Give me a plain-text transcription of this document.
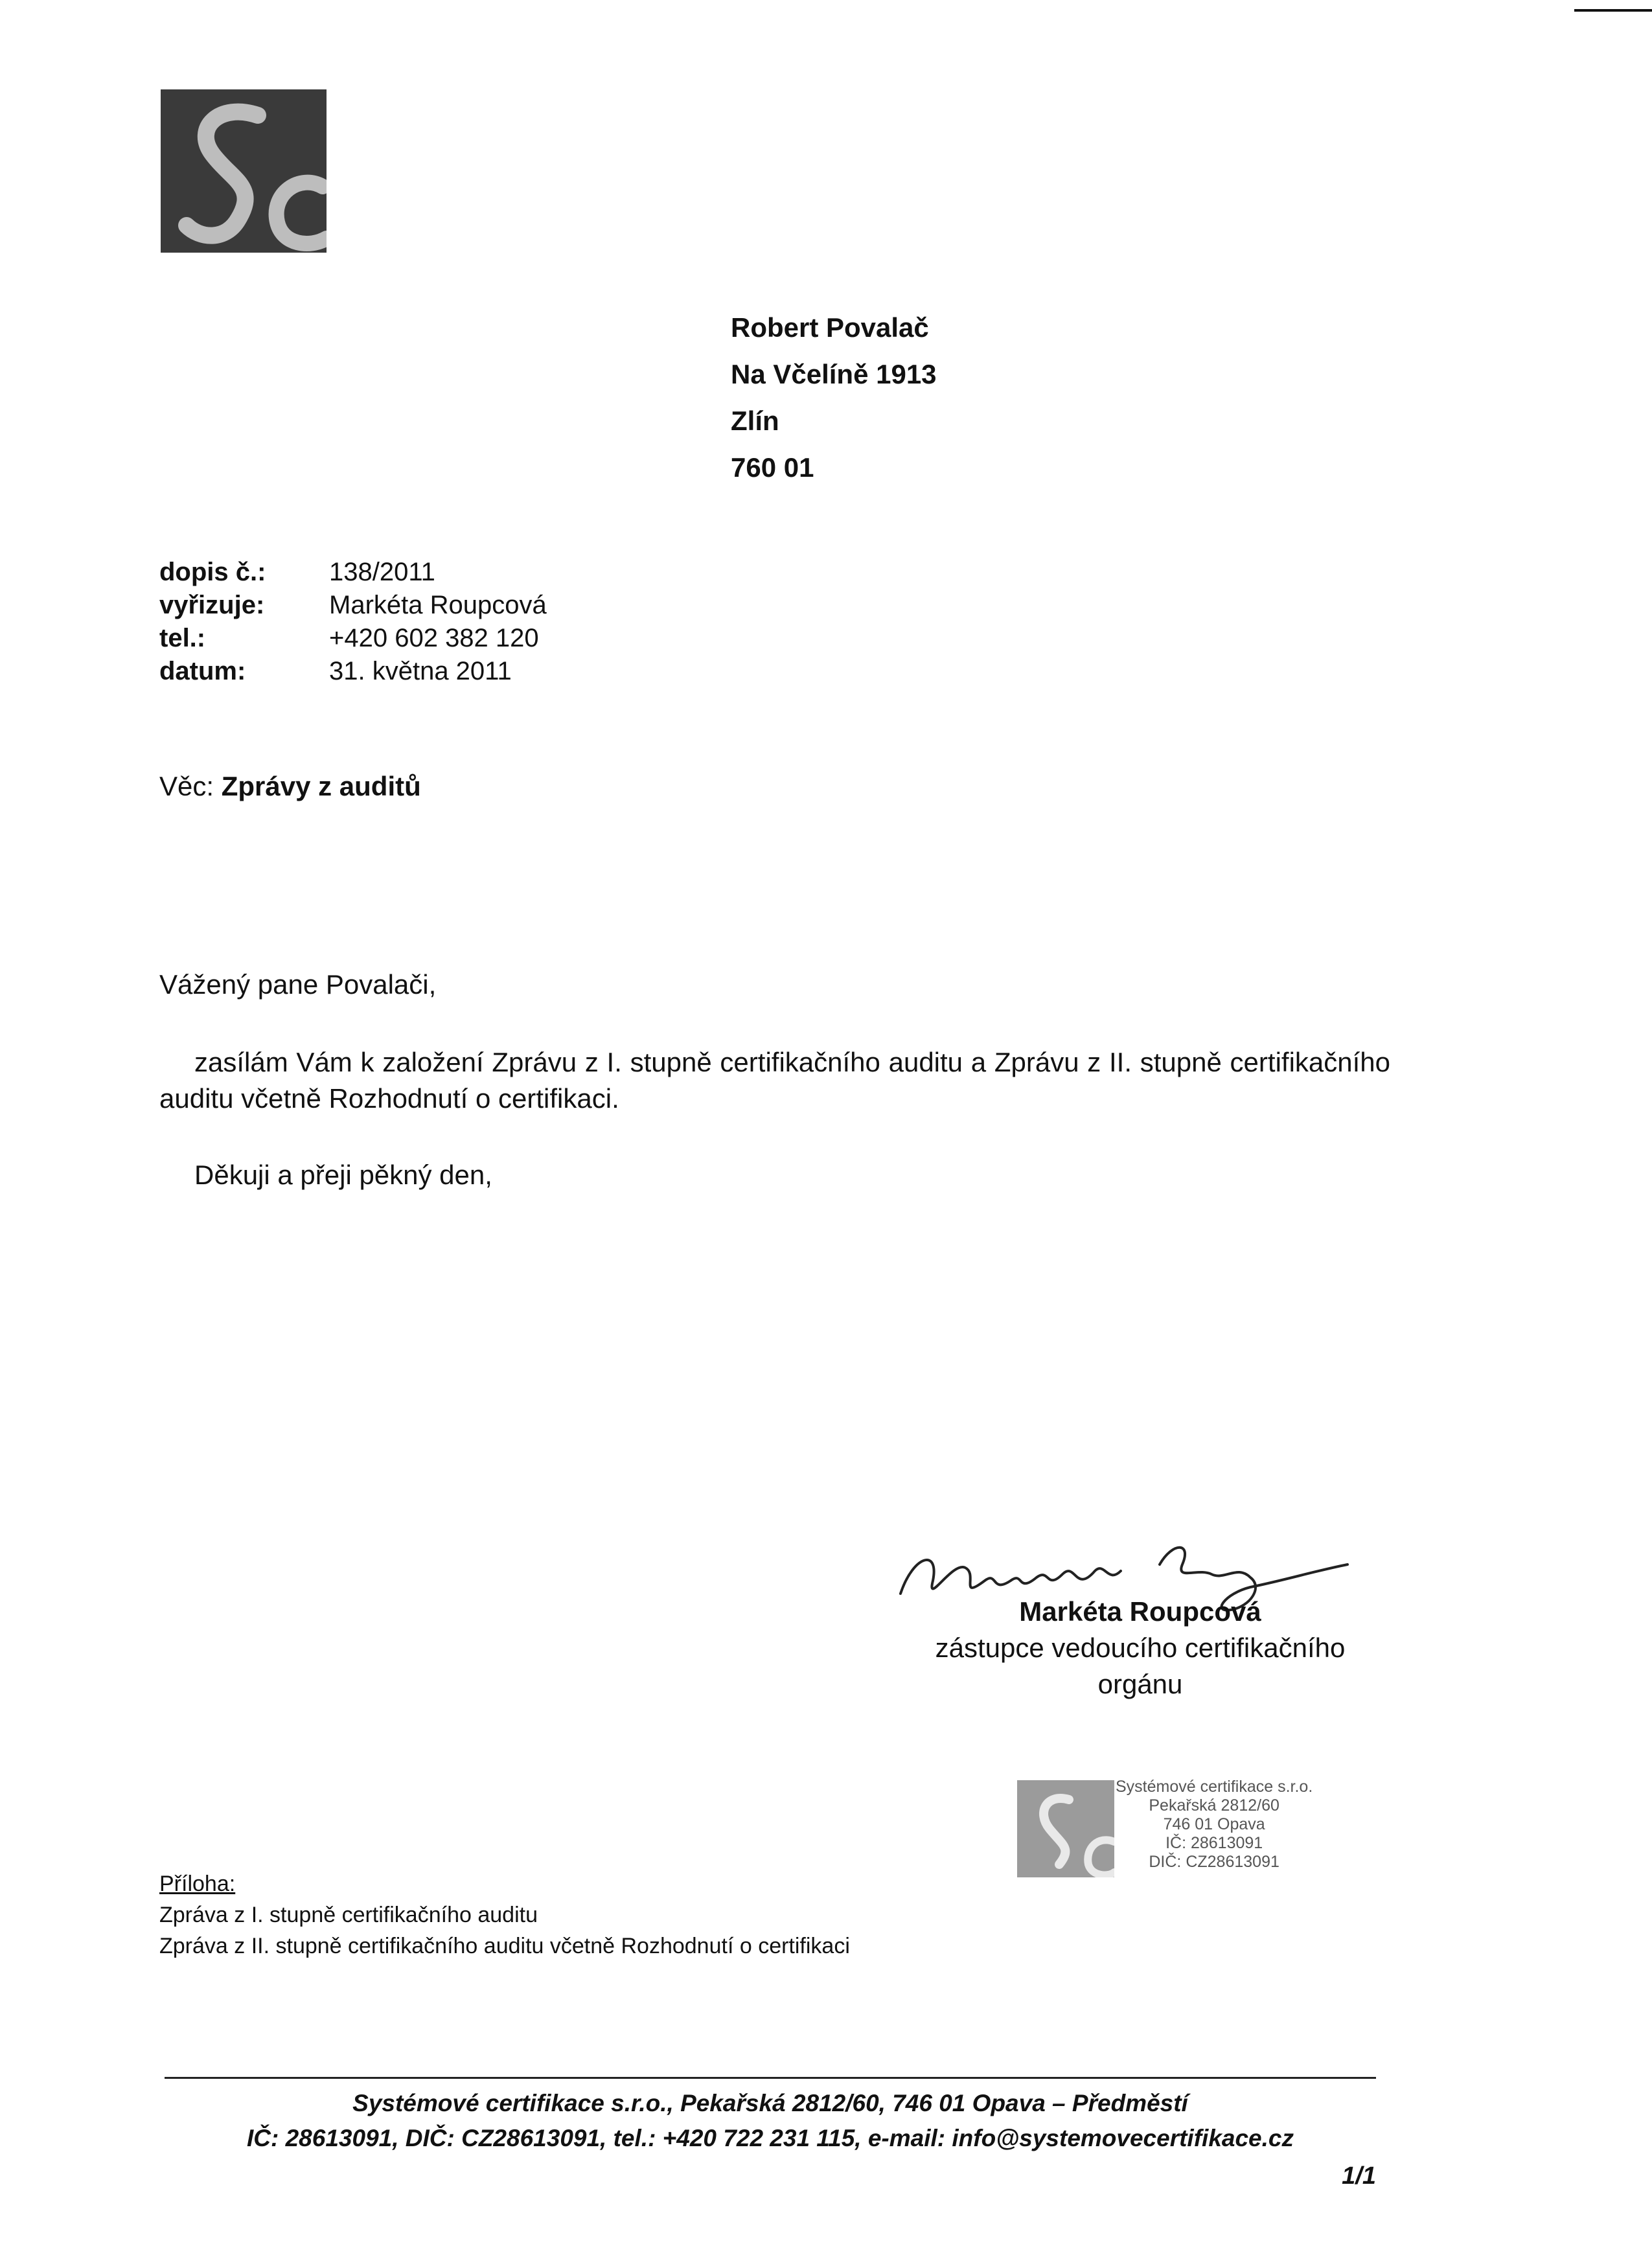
Robert Povalač
Na Včelíně 1913
Zlín
760 01
dopis č.:	138/2011
vyřizuje:	Markéta Roupcová
tel.:	+420 602 382 120
datum:	31. května 2011
Věc: Zprávy z auditů
Vážený pane Povalači,
zasílám Vám k založení Zprávu z I. stupně certifikačního auditu a Zprávu z II. stupně certifikačního auditu včetně Rozhodnutí o certifikaci.
Děkuji a přeji pěkný den,
Markéta Roupcová
zástupce vedoucího certifikačního
orgánu
Systémové certifikace s.r.o.
Pekařská 2812/60
746 01 Opava
IČ: 28613091
DIČ: CZ28613091
Příloha:
Zpráva z I. stupně certifikačního auditu
Zpráva z II. stupně certifikačního auditu včetně Rozhodnutí o certifikaci
Systémové certifikace s.r.o., Pekařská 2812/60, 746 01 Opava – Předměstí
IČ: 28613091, DIČ: CZ28613091, tel.: +420 722 231 115, e-mail: info@systemovecertifikace.cz
1/1
